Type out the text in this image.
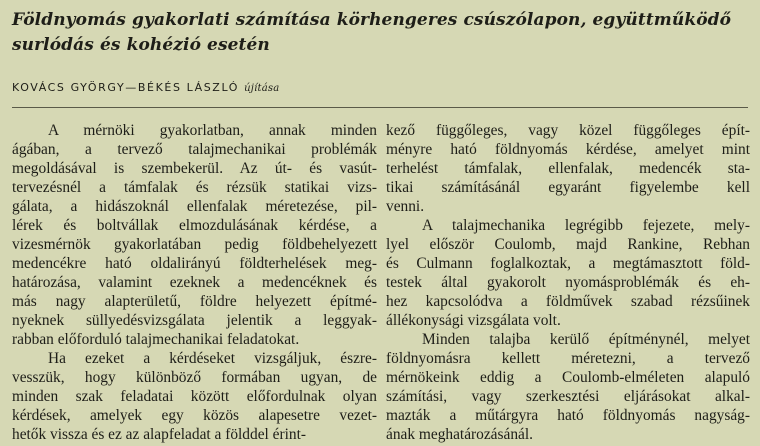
Földnyomás gyakorlati számítása körhengeres csúszólapon, együttműködő surlódás és kohézió esetén

KOVÁCS GYÖRGY—BÉKÉS LÁSZLÓ újítása

A mérnöki gyakorlatban, annak minden
ágában, a tervező talajmechanikai problémák
megoldásával is szembekerül. Az út- és vasút-
tervezésnél a támfalak és rézsük statikai vizs-
gálata, a hidászoknál ellenfalak méretezése, pil-
lérek és boltvállak elmozdulásának kérdése, a
vizesmérnök gyakorlatában pedig földbehelyezett
medencékre ható oldalirányú földterhelések meg-
határozása, valamint ezeknek a medencéknek és
más nagy alapterületű, földre helyezett építmé-
nyeknek süllyedésvizsgálata jelentik a leggyak-
rabban előforduló talajmechanikai feladatokat.

Ha ezeket a kérdéseket vizsgáljuk, észre-
vesszük, hogy különböző formában ugyan, de
minden szak feladatai között előfordulnak olyan
kérdések, amelyek egy közös alapesetre vezet-
hetők vissza és ez az alapfeladat a földdel érint-

kező függőleges, vagy közel függőleges épít-
ményre ható földnyomás kérdése, amelyet mint
terhelést támfalak, ellenfalak, medencék sta-
tikai számításánál egyaránt figyelembe kell
venni.

A talajmechanika legrégibb fejezete, mely-
lyel először Coulomb, majd Rankine, Rebhan
és Culmann foglalkoztak, a megtámasztott föld-
testek által gyakorolt nyomásproblémák és eh-
hez kapcsolódva a földművek szabad rézsűinek
állékonysági vizsgálata volt.

Minden talajba kerülő építménynél, melyet
földnyomásra kellett méretezni, a tervező
mérnökeink eddig a Coulomb-elméleten alapuló
számítási, vagy szerkesztési eljárásokat alkal-
mazták a műtárgyra ható földnyomás nagyság-
ának meghatározásánál.
